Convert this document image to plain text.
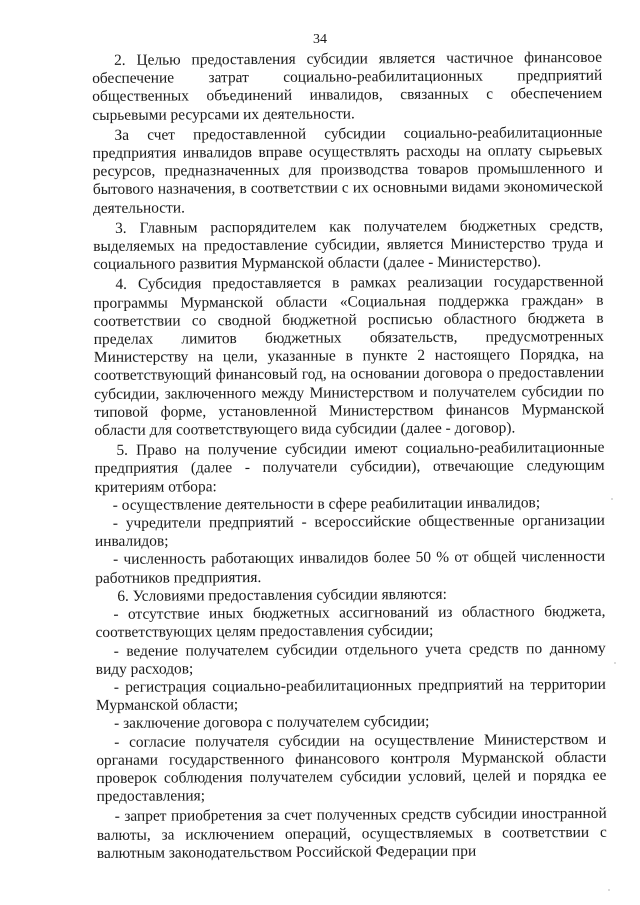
34

2. Целью предоставления субсидии является частичное финансовое обеспечение затрат социально-реабилитационных предприятий общественных объединений инвалидов, связанных с обеспечением сырьевыми ресурсами их деятельности.

За счет предоставленной субсидии социально-реабилитационные предприятия инвалидов вправе осуществлять расходы на оплату сырьевых ресурсов, предназначенных для производства товаров промышленного и бытового назначения, в соответствии с их основными видами экономической деятельности.

3. Главным распорядителем как получателем бюджетных средств, выделяемых на предоставление субсидии, является Министерство труда и социального развития Мурманской области (далее - Министерство).

4. Субсидия предоставляется в рамках реализации государственной программы Мурманской области «Социальная поддержка граждан» в соответствии со сводной бюджетной росписью областного бюджета в пределах лимитов бюджетных обязательств, предусмотренных Министерству на цели, указанные в пункте 2 настоящего Порядка, на соответствующий финансовый год, на основании договора о предоставлении субсидии, заключенного между Министерством и получателем субсидии по типовой форме, установленной Министерством финансов Мурманской области для соответствующего вида субсидии (далее - договор).

5. Право на получение субсидии имеют социально-реабилитационные предприятия (далее - получатели субсидии), отвечающие следующим критериям отбора:

- осуществление деятельности в сфере реабилитации инвалидов;

- учредители предприятий - всероссийские общественные организации инвалидов;

- численность работающих инвалидов более 50 % от общей численности работников предприятия.

6. Условиями предоставления субсидии являются:

- отсутствие иных бюджетных ассигнований из областного бюджета, соответствующих целям предоставления субсидии;

- ведение получателем субсидии отдельного учета средств по данному виду расходов;

- регистрация социально-реабилитационных предприятий на территории Мурманской области;

- заключение договора с получателем субсидии;

- согласие получателя субсидии на осуществление Министерством и органами государственного финансового контроля Мурманской области проверок соблюдения получателем субсидии условий, целей и порядка ее предоставления;

- запрет приобретения за счет полученных средств субсидии иностранной валюты, за исключением операций, осуществляемых в соответствии с валютным законодательством Российской Федерации при
